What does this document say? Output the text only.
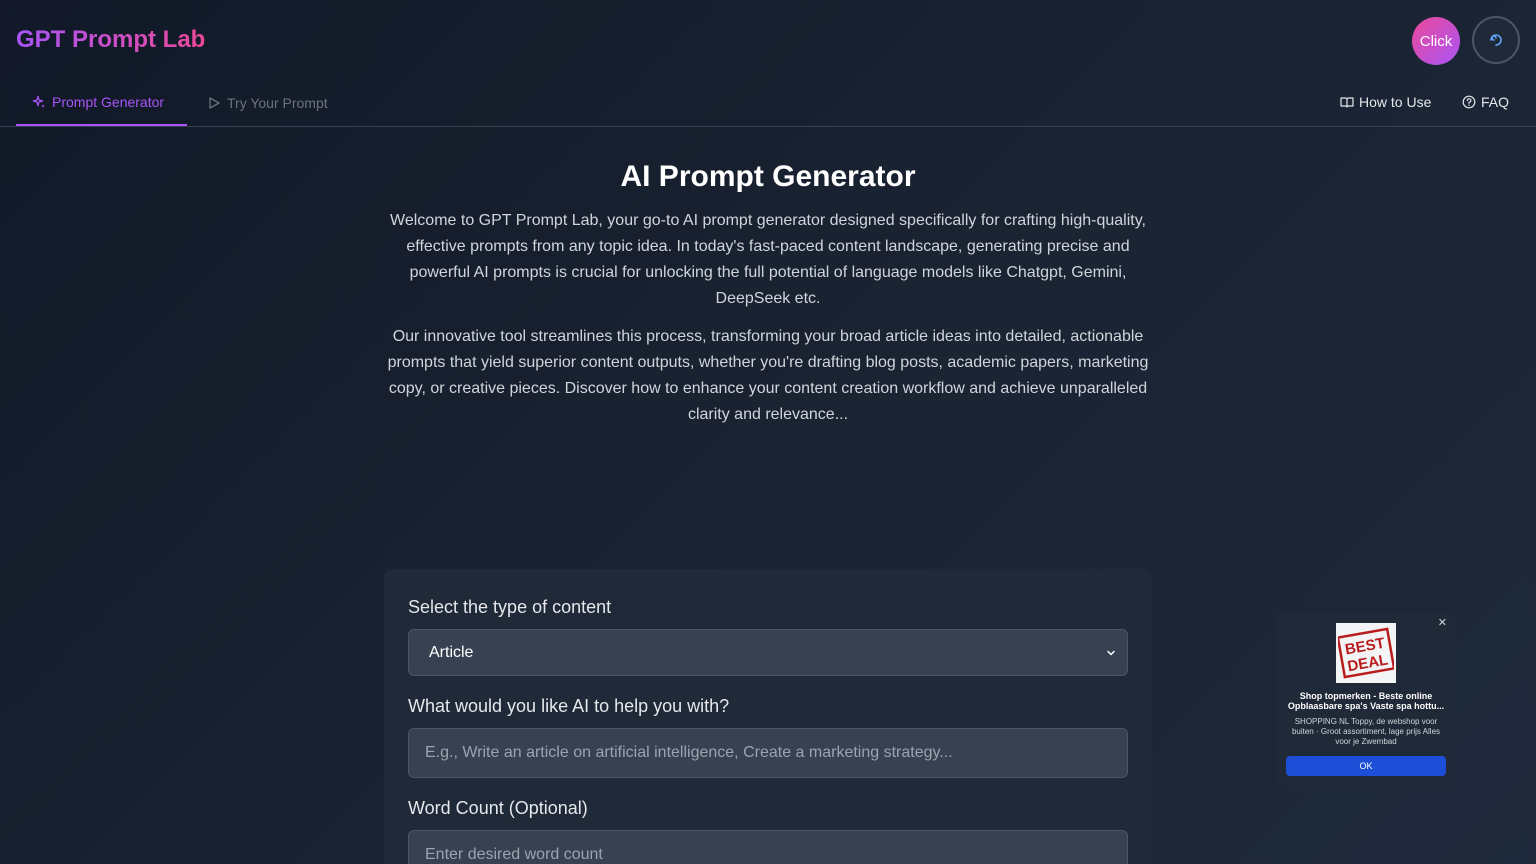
GPT Prompt Lab	Click
Prompt Generator	Try Your Prompt	How to Use	FAQ
AI Prompt Generator

Welcome to GPT Prompt Lab, your go-to AI prompt generator designed specifically for crafting high-quality, effective prompts from any topic idea. In today's fast-paced content landscape, generating precise and powerful AI prompts is crucial for unlocking the full potential of language models like Chatgpt, Gemini, DeepSeek etc.

Our innovative tool streamlines this process, transforming your broad article ideas into detailed, actionable prompts that yield superior content outputs, whether you're drafting blog posts, academic papers, marketing copy, or creative pieces. Discover how to enhance your content creation workflow and achieve unparalleled clarity and relevance...

Select the type of content
Article
What would you like AI to help you with?
E.g., Write an article on artificial intelligence, Create a marketing strategy...
Word Count (Optional)
Enter desired word count
✕
BEST
DEAL
Shop topmerken - Beste online Opblaasbare spa's Vaste spa hottu...
SHOPPING NL Toppy, de webshop voor buiten · Groot assortiment, lage prijs Alles voor je Zwembad
OK
